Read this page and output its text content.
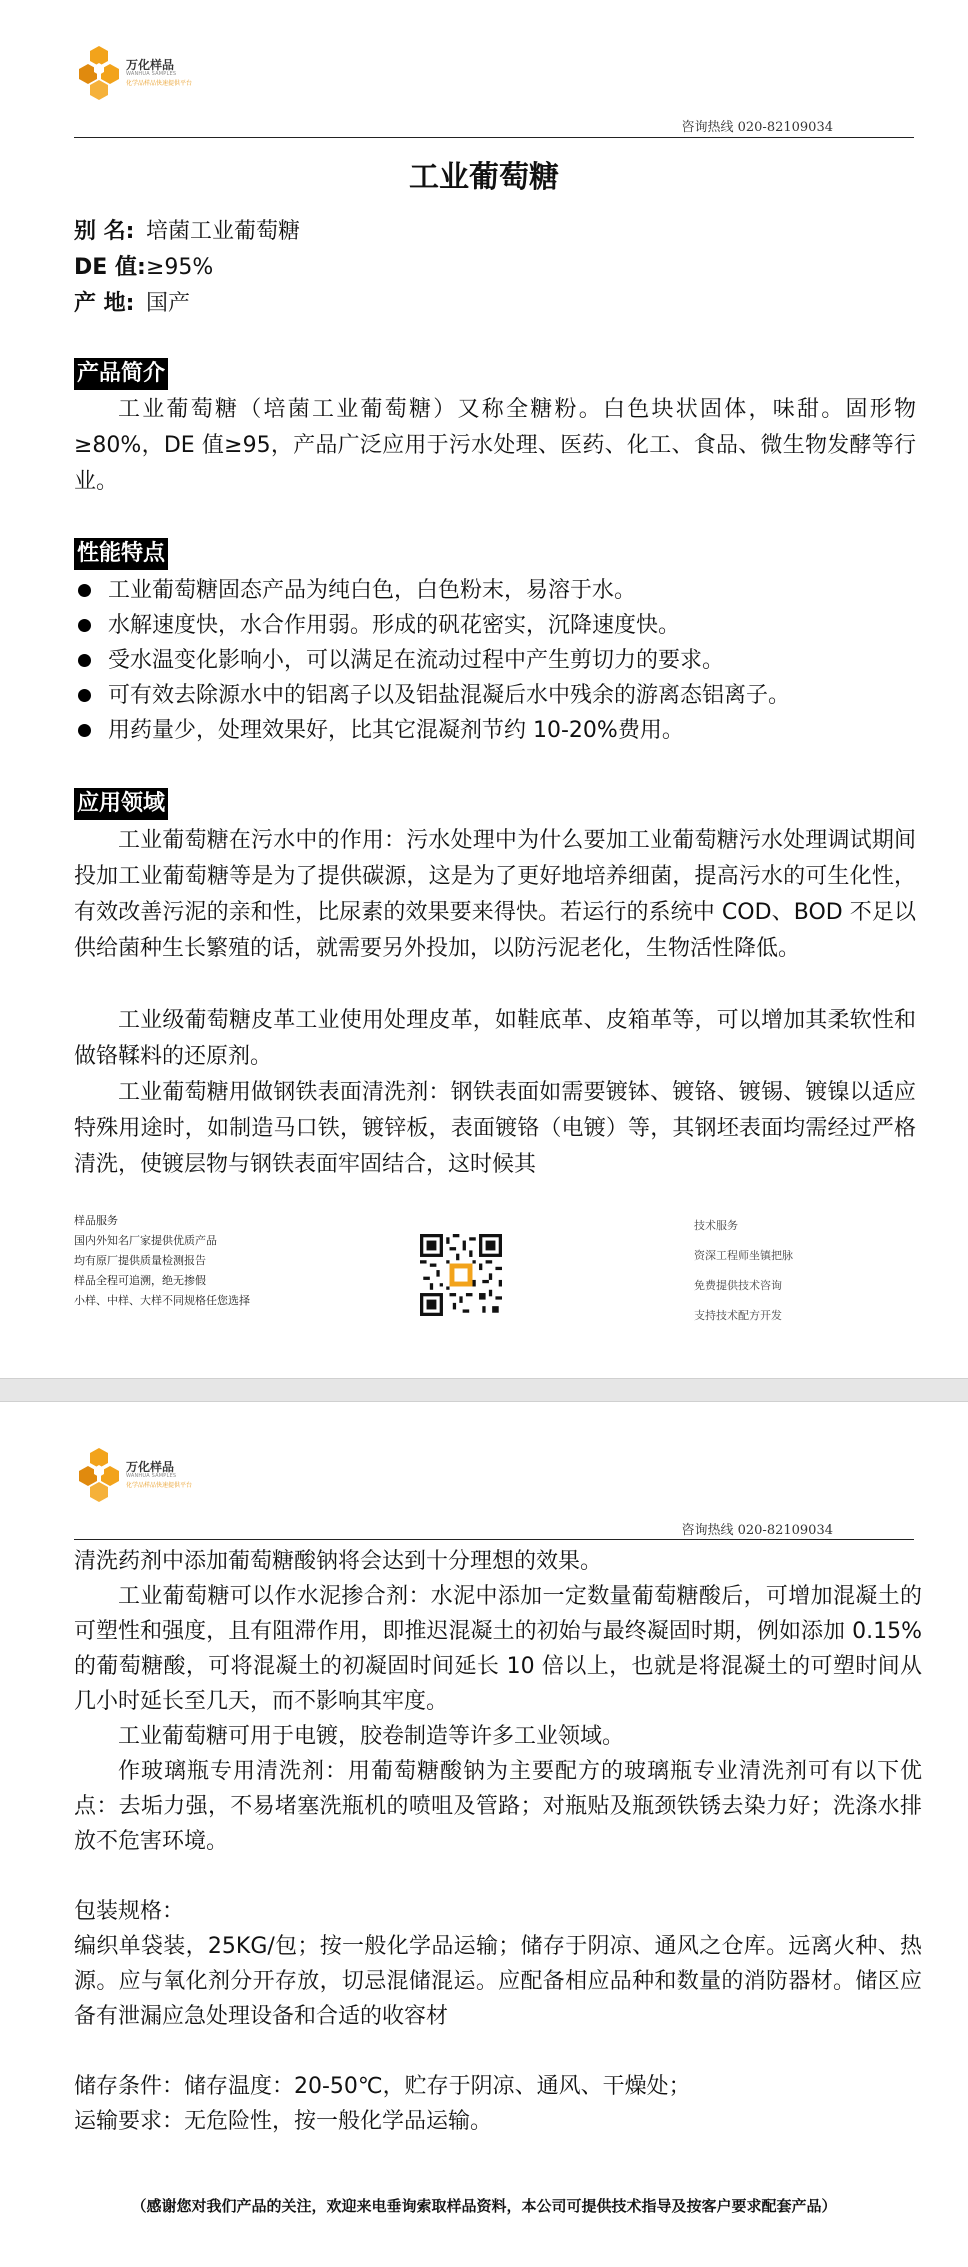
万化样品
WANHUA SAMPLES
化学品样品快速提供平台
咨询热线 020-82109034
工业葡萄糖
别 名: 培菌工业葡萄糖
DE 值:≥95%
产 地: 国产
产品简介
工业葡萄糖（培菌工业葡萄糖）又称全糖粉。白色块状固体，味甜。固形物≥80%，DE 值≥95，产品广泛应用于污水处理、医药、化工、食品、微生物发酵等行业。
性能特点
工业葡萄糖固态产品为纯白色，白色粉末，易溶于水。
水解速度快，水合作用弱。形成的矾花密实，沉降速度快。
受水温变化影响小，可以满足在流动过程中产生剪切力的要求。
可有效去除源水中的铝离子以及铝盐混凝后水中残余的游离态铝离子。
用药量少，处理效果好，比其它混凝剂节约 10-20%费用。
应用领域
工业葡萄糖在污水中的作用：污水处理中为什么要加工业葡萄糖污水处理调试期间投加工业葡萄糖等是为了提供碳源，这是为了更好地培养细菌，提高污水的可生化性，有效改善污泥的亲和性，比尿素的效果要来得快。若运行的系统中 COD、BOD 不足以供给菌种生长繁殖的话，就需要另外投加，以防污泥老化，生物活性降低。
工业级葡萄糖皮革工业使用处理皮革，如鞋底革、皮箱革等，可以增加其柔软性和做铬鞣料的还原剂。
工业葡萄糖用做钢铁表面清洗剂：钢铁表面如需要镀钵、镀铬、镀锡、镀镍以适应特殊用途时，如制造马口铁，镀锌板，表面镀铬（电镀）等，其钢坯表面均需经过严格清洗，使镀层物与钢铁表面牢固结合，这时候其
样品服务
国内外知名厂家提供优质产品
均有原厂提供质量检测报告
样品全程可追溯，绝无掺假
小样、中样、大样不同规格任您选择
技术服务
资深工程师坐镇把脉
免费提供技术咨询
支持技术配方开发
万化样品
WANHUA SAMPLES
化学品样品快速提供平台
咨询热线 020-82109034

清洗药剂中添加葡萄糖酸钠将会达到十分理想的效果。

工业葡萄糖可以作水泥掺合剂：水泥中添加一定数量葡萄糖酸后，可增加混凝土的可塑性和强度，且有阻滞作用，即推迟混凝土的初始与最终凝固时期，例如添加 0.15%的葡萄糖酸，可将混凝土的初凝固时间延长 10 倍以上，也就是将混凝土的可塑时间从几小时延长至几天，而不影响其牢度。

工业葡萄糖可用于电镀，胶卷制造等许多工业领域。

作玻璃瓶专用清洗剂：用葡萄糖酸钠为主要配方的玻璃瓶专业清洗剂可有以下优点：去垢力强，不易堵塞洗瓶机的喷咀及管路；对瓶贴及瓶颈铁锈去染力好；洗涤水排放不危害环境。

包装规格：

编织单袋装，25KG/包；按一般化学品运输；储存于阴凉、通风之仓库。远离火种、热源。应与氧化剂分开存放，切忌混储混运。应配备相应品种和数量的消防器材。储区应备有泄漏应急处理设备和合适的收容材

储存条件：储存温度：20-50℃，贮存于阴凉、通风、干燥处；

运输要求：无危险性，按一般化学品运输。

（感谢您对我们产品的关注，欢迎来电垂询索取样品资料，本公司可提供技术指导及按客户要求配套产品）
